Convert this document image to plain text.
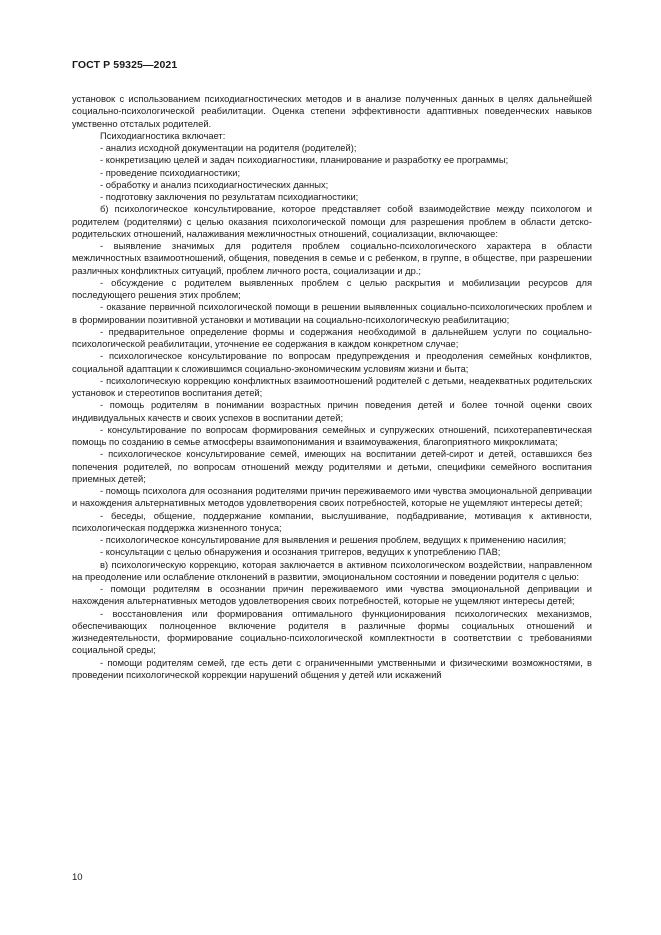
ГОСТ Р 59325—2021

установок с использованием психодиагностических методов и в анализе полученных данных в целях дальнейшей социально-психологической реабилитации. Оценка степени эффективности адаптивных поведенческих навыков умственно отсталых родителей.

Психодиагностика включает:

- анализ исходной документации на родителя (родителей);

- конкретизацию целей и задач психодиагностики, планирование и разработку ее программы;

- проведение психодиагностики;

- обработку и анализ психодиагностических данных;

- подготовку заключения по результатам психодиагностики;

б) психологическое консультирование, которое представляет собой взаимодействие между психологом и родителем (родителями) с целью оказания психологической помощи для разрешения проблем в области детско-родительских отношений, налаживания межличностных отношений, социализации, включающее:

- выявление значимых для родителя проблем социально-психологического характера в области межличностных взаимоотношений, общения, поведения в семье и с ребенком, в группе, в обществе, при разрешении различных конфликтных ситуаций, проблем личного роста, социализации и др.;

- обсуждение с родителем выявленных проблем с целью раскрытия и мобилизации ресурсов для последующего решения этих проблем;

- оказание первичной психологической помощи в решении выявленных социально-психологических проблем и в формировании позитивной установки и мотивации на социально-психологическую реабилитацию;

- предварительное определение формы и содержания необходимой в дальнейшем услуги по социально-психологической реабилитации, уточнение ее содержания в каждом конкретном случае;

- психологическое консультирование по вопросам предупреждения и преодоления семейных конфликтов, социальной адаптации к сложившимся социально-экономическим условиям жизни и быта;

- психологическую коррекцию конфликтных взаимоотношений родителей с детьми, неадекватных родительских установок и стереотипов воспитания детей;

- помощь родителям в понимании возрастных причин поведения детей и более точной оценки своих индивидуальных качеств и своих успехов в воспитании детей;

- консультирование по вопросам формирования семейных и супружеских отношений, психотерапевтическая помощь по созданию в семье атмосферы взаимопонимания и взаимоуважения, благоприятного микроклимата;

- психологическое консультирование семей, имеющих на воспитании детей-сирот и детей, оставшихся без попечения родителей, по вопросам отношений между родителями и детьми, специфики семейного воспитания приемных детей;

- помощь психолога для осознания родителями причин переживаемого ими чувства эмоциональной депривации и нахождения альтернативных методов удовлетворения своих потребностей, которые не ущемляют интересы детей;

- беседы, общение, поддержание компании, выслушивание, подбадривание, мотивация к активности, психологическая поддержка жизненного тонуса;

- психологическое консультирование для выявления и решения проблем, ведущих к применению насилия;

- консультации с целью обнаружения и осознания триггеров, ведущих к употреблению ПАВ;

в) психологическую коррекцию, которая заключается в активном психологическом воздействии, направленном на преодоление или ослабление отклонений в развитии, эмоциональном состоянии и поведении родителя с целью:

- помощи родителям в осознании причин переживаемого ими чувства эмоциональной депривации и нахождения альтернативных методов удовлетворения своих потребностей, которые не ущемляют интересы детей;

- восстановления или формирования оптимального функционирования психологических механизмов, обеспечивающих полноценное включение родителя в различные формы социальных отношений и жизнедеятельности, формирование социально-психологической комплектности в соответствии с требованиями социальной среды;

- помощи родителям семей, где есть дети с ограниченными умственными и физическими возможностями, в проведении психологической коррекции нарушений общения у детей или искажений

10
